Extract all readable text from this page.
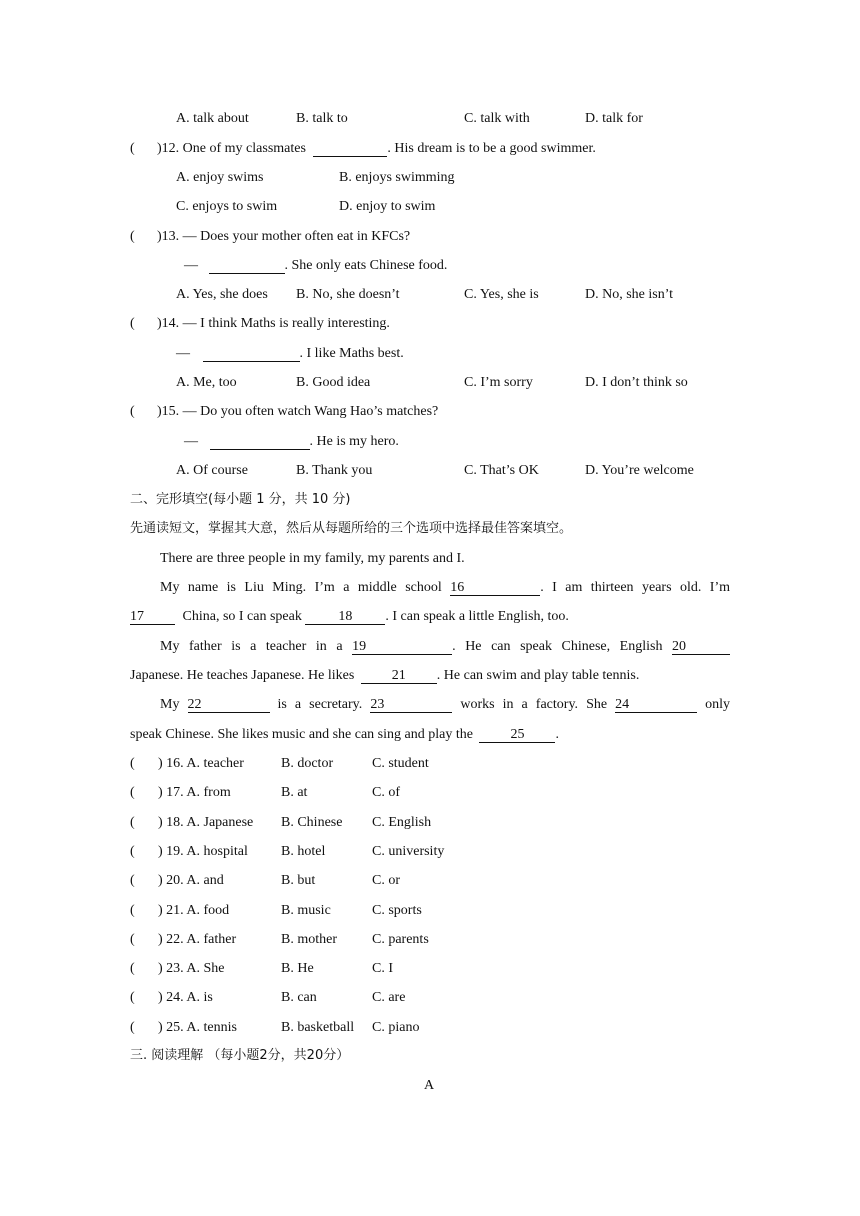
A. talk about	B. talk to	C. talk with	D. talk for
( )12. One of my classmates	. His dream is to be a good swimmer.
A. enjoy swims	B. enjoys swimming
C. enjoys to swim	D. enjoy to swim
( )13. — Does your mother often eat in KFCs?
—	. She only eats Chinese food.
A. Yes, she does B. No, she doesn’t	C. Yes, she is	D. No, she isn’t
( )14. — I think Maths is really interesting.
—	. I like Maths best.
A. Me, too	B. Good idea	C. I’m sorry	D. I don’t think so
( )15. — Do you often watch Wang Hao’s matches?
—	. He is my hero.
A. Of course	B. Thank you	C. That’s OK	D. You’re welcome
二、完形填空(每小题 1 分，共 10 分)
先通读短文，掌握其大意，然后从每题所给的三个选项中选择最佳答案填空。
There are three people in my family, my parents and I.
My name is Liu Ming. I’m a middle school 16	. I am thirteen years old. I’m
17	China, so I can speak	18 . I can speak a little English, too.
My father is a teacher in a 19	. He can speak Chinese, English 20
Japanese. He teaches Japanese. He likes	21 . He can swim and play table tennis.
My 22	is a secretary. 23	works in a factory. She 24	only
speak Chinese. She likes music and she can sing and play the	25 .
( ) 16. A. teacher	B. doctor	C. student
( ) 17. A. from	B. at	C. of
( ) 18. A. Japanese B. Chinese C. English
( ) 19. A. hospital B. hotel	C. university
( ) 20. A. and	B. but	C. or
( ) 21. A. food	B. music	C. sports
( ) 22. A. father	B. mother	C. parents
( ) 23. A. She	B. He	C. I
( ) 24. A. is	B. can	C. are
( ) 25. A. tennis	B. basketball C. piano
三. 阅读理解 （每小题2分，共20分）
A
